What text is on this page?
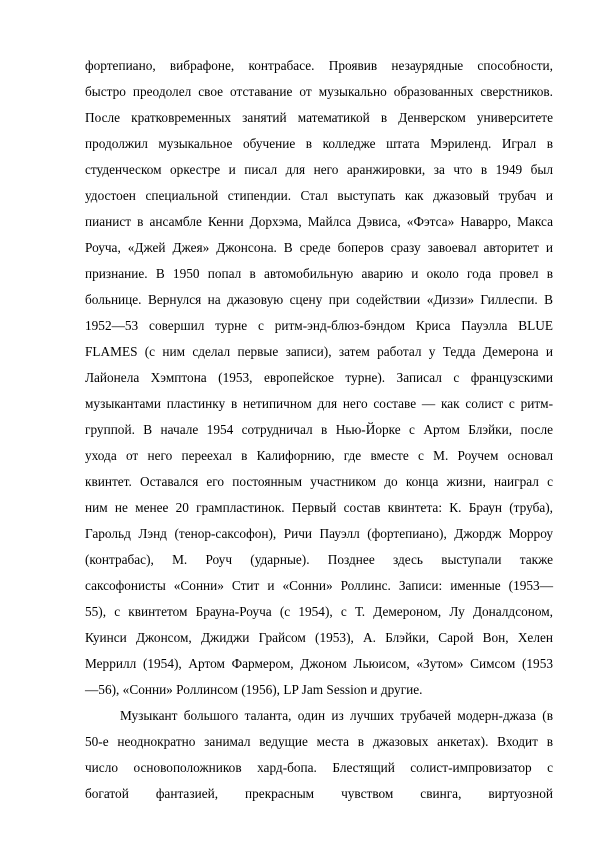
фортепиано, вибрафоне, контрабасе. Проявив незаурядные способности,
быстро преодолел свое отставание от музыкально образованных сверстников.
После кратковременных занятий математикой в Денверском университете
продолжил музыкальное обучение в колледже штата Мэриленд. Играл в
студенческом оркестре и писал для него аранжировки, за что в 1949 был
удостоен специальной стипендии. Стал выступать как джазовый трубач и
пианист в ансамбле Кенни Дорхэма, Майлса Дэвиса, «Фэтса» Наварро, Макса
Роуча, «Джей Джея» Джонсона. В среде боперов сразу завоевал авторитет и
признание. В 1950 попал в автомобильную аварию и около года провел в
больнице. Вернулся на джазовую сцену при содействии «Диззи» Гиллеспи. В
1952—53 совершил турне с ритм-энд-блюз-бэндом Криса Пауэлла BLUE
FLAMES (с ним сделал первые записи), затем работал у Тедда Демерона и
Лайонела Хэмптона (1953, европейское турне). Записал с французскими
музыкантами пластинку в нетипичном для него составе — как солист с ритм-
группой. В начале 1954 сотрудничал в Нью-Йорке с Артом Блэйки, после
ухода от него переехал в Калифорнию, где вместе с М. Роучем основал
квинтет. Оставался его постоянным участником до конца жизни, наиграл с
ним не менее 20 грампластинок. Первый состав квинтета: К. Браун (труба),
Гарольд Лэнд (тенор-саксофон), Ричи Пауэлл (фортепиано), Джордж Морроу
(контрабас), М. Роуч (ударные). Позднее здесь выступали также
саксофонисты «Сонни» Стит и «Сонни» Роллинс. Записи: именные (1953—
55), с квинтетом Брауна-Роуча (с 1954), с Т. Демероном, Лу Доналдсоном,
Куинси Джонсом, Джиджи Грайсом (1953), А. Блэйки, Сарой Вон, Хелен
Меррилл (1954), Артом Фармером, Джоном Льюисом, «Зутом» Симсом (1953
—56), «Сонни» Роллинсом (1956), LP Jam Session и другие.
Музыкант большого таланта, один из лучших трубачей модерн-джаза (в
50-е неоднократно занимал ведущие места в джазовых анкетах). Входит в
число основоположников хард-бопа. Блестящий солист-импровизатор с
богатой фантазией, прекрасным чувством свинга, виртуозной
